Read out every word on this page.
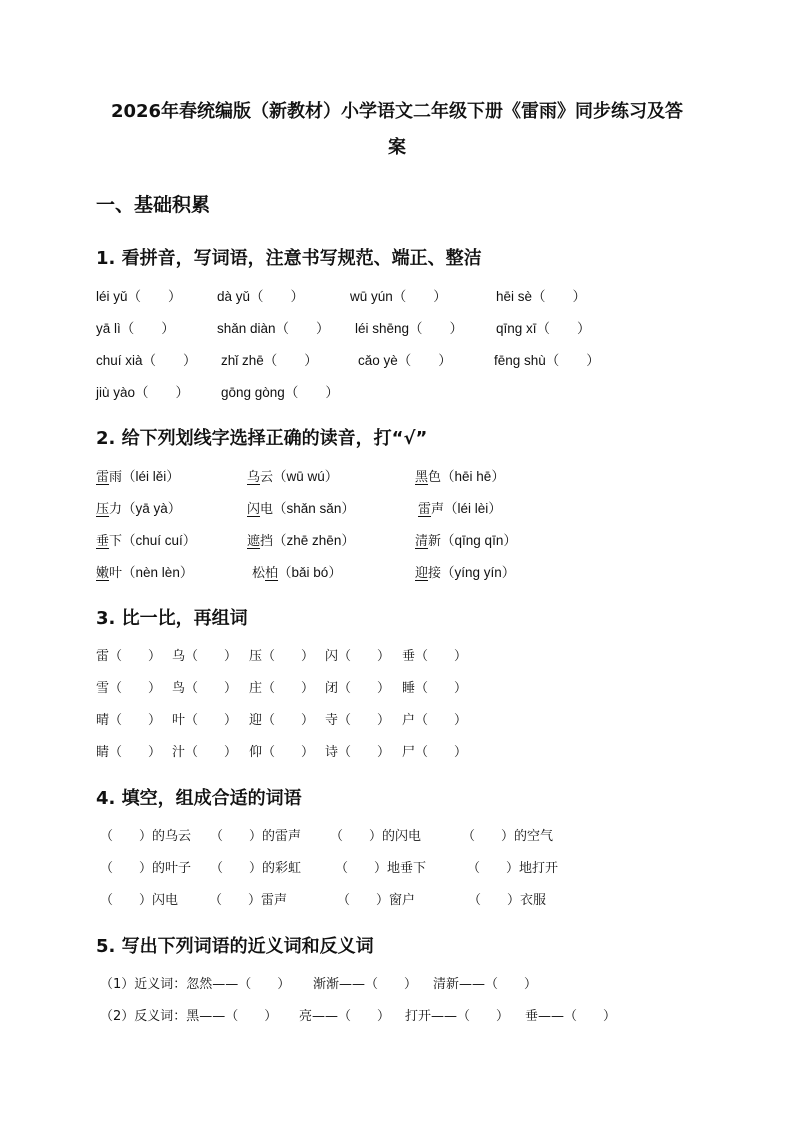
2026年春统编版（新教材）小学语文二年级下册《雷雨》同步练习及答
案
一、基础积累
1. 看拼音，写词语，注意书写规范、端正、整洁
léi yǔ（　　）	dà yǔ（　　）	wū yún（　　）	hēi sè（　　）
yā lì（　　）	shǎn diàn（　　） léi shēng（　　） qīng xī（　　）
chuí xià（　　） zhǐ zhē（　　）	cǎo yè（　　）	fēng shù（　　）
jiù yào（　　） gōng gòng（　　）
2. 给下列划线字选择正确的读音，打“√”
雷雨（léi lěi）	乌云（wū wú）	黑色（hēi hē）
压力（yā yà）	闪电（shǎn sǎn）	雷声（léi lèi）
垂下（chuí cuí）	遮挡（zhē zhēn）	清新（qīng qīn）
嫩叶（nèn lèn）	松柏（bǎi bó）	迎接（yíng yín）
3. 比一比，再组词
雷（　　） 乌（　　） 压（　　） 闪（　　） 垂（　　）
雪（　　） 鸟（　　） 庄（　　） 闭（　　） 睡（　　）
晴（　　） 叶（　　） 迎（　　） 寺（　　） 户（　　）
睛（　　） 汁（　　） 仰（　　） 诗（　　） 尸（　　）
4. 填空，组成合适的词语
（　　）的乌云 （　　）的雷声 （　　）的闪电	（　　）的空气
（　　）的叶子 （　　）的彩虹	（　　）地垂下	（　　）地打开
（　　）闪电 （　　）雷声	（　　）窗户	（　　）衣服
5. 写出下列词语的近义词和反义词
（1）近义词：忽然——（　　） 渐渐——（　　） 清新——（　　）
（2）反义词：黑——（　　） 亮——（　　） 打开——（　　） 垂——（　　）
